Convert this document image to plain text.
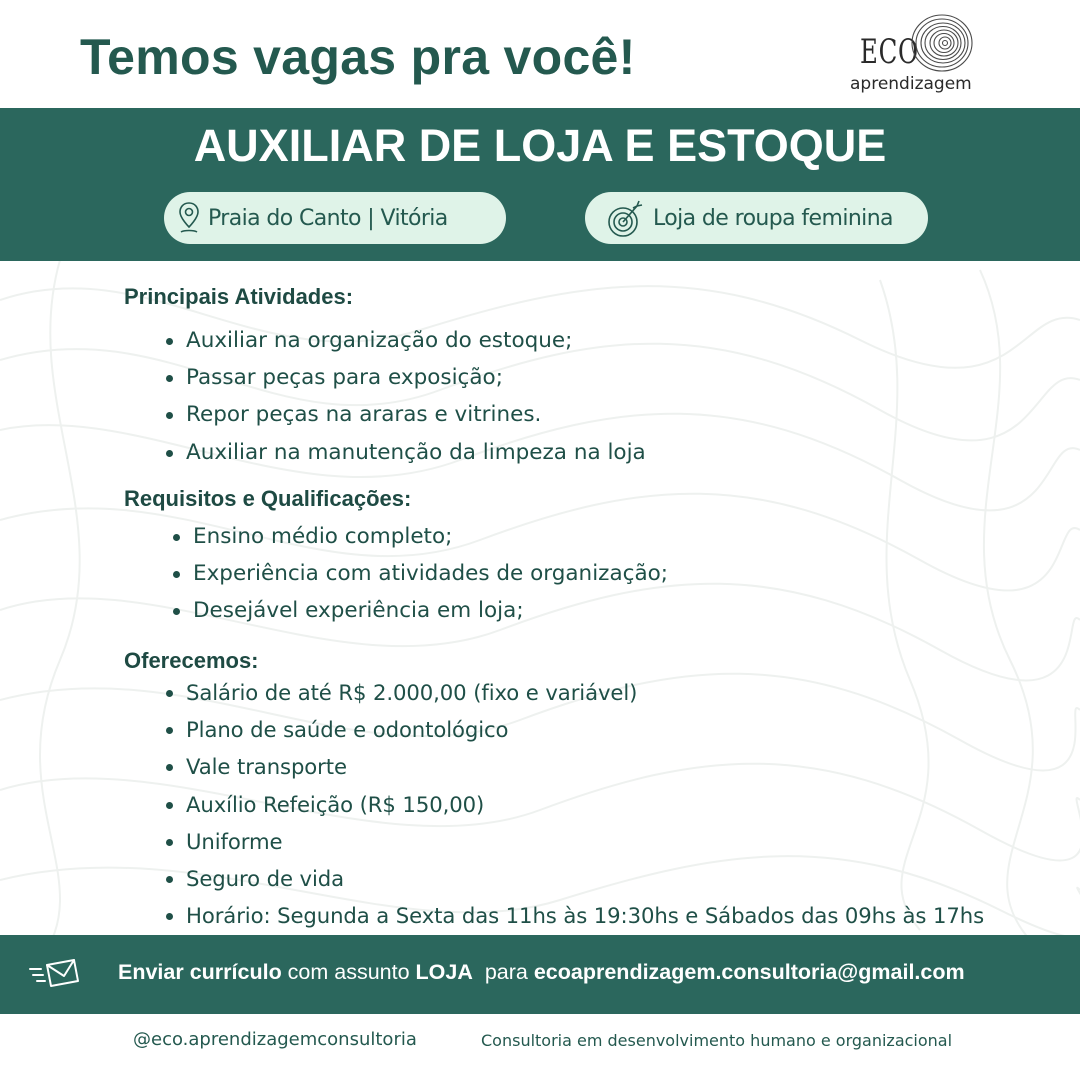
Temos vagas pra você!	ECO
aprendizagem
AUXILIAR DE LOJA E ESTOQUE
Praia do Canto | Vitória	Loja de roupa feminina
Principais Atividades:
Auxiliar na organização do estoque;
Passar peças para exposição;
Repor peças na araras e vitrines.
Auxiliar na manutenção da limpeza na loja
Requisitos e Qualificações:
Ensino médio completo;
Experiência com atividades de organização;
Desejável experiência em loja;
Oferecemos:
Salário de até R$ 2.000,00 (fixo e variável)
Plano de saúde e odontológico
Vale transporte
Auxílio Refeição (R$ 150,00)
Uniforme
Seguro de vida
Horário: Segunda a Sexta das 11hs às 19:30hs e Sábados das 09hs às 17hs
Enviar currículo com assunto LOJA  para ecoaprendizagem.consultoria@gmail.com
@eco.aprendizagemconsultoria	Consultoria em desenvolvimento humano e organizacional
